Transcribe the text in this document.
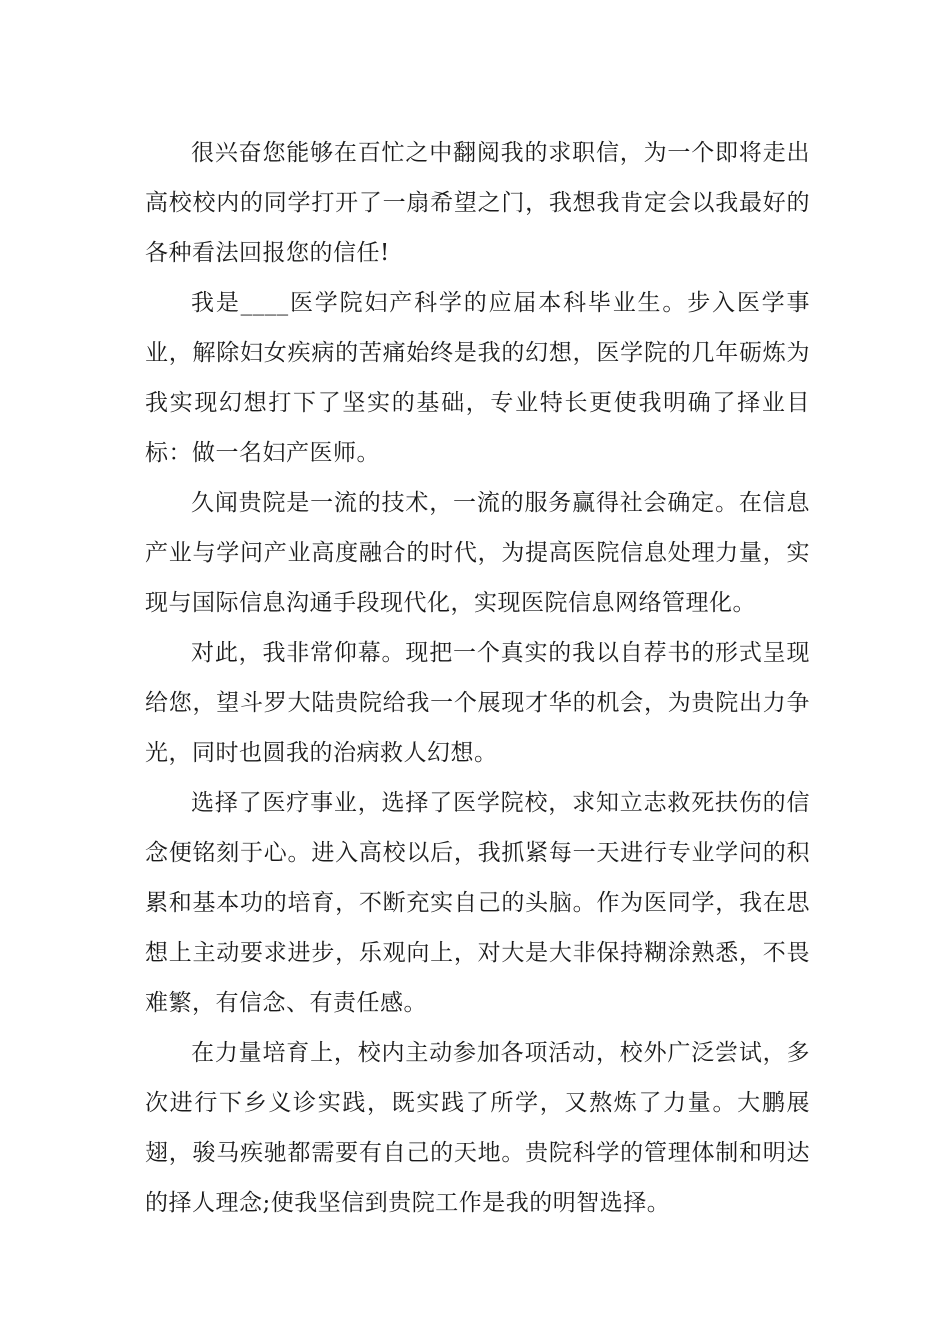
很兴奋您能够在百忙之中翻阅我的求职信，为一个即将走出高校校内的同学打开了一扇希望之门，我想我肯定会以我最好的各种看法回报您的信任!

我是____医学院妇产科学的应届本科毕业生。步入医学事业，解除妇女疾病的苦痛始终是我的幻想，医学院的几年砺炼为我实现幻想打下了坚实的基础，专业特长更使我明确了择业目标：做一名妇产医师。

久闻贵院是一流的技术，一流的服务赢得社会确定。在信息产业与学问产业高度融合的时代，为提高医院信息处理力量，实现与国际信息沟通手段现代化，实现医院信息网络管理化。

对此，我非常仰幕。现把一个真实的我以自荐书的形式呈现给您，望斗罗大陆贵院给我一个展现才华的机会，为贵院出力争光，同时也圆我的治病救人幻想。

选择了医疗事业，选择了医学院校，求知立志救死扶伤的信念便铭刻于心。进入高校以后，我抓紧每一天进行专业学问的积累和基本功的培育，不断充实自己的头脑。作为医同学，我在思想上主动要求进步，乐观向上，对大是大非保持糊涂熟悉，不畏难繁，有信念、有责任感。

在力量培育上，校内主动参加各项活动，校外广泛尝试，多次进行下乡义诊实践，既实践了所学，又熬炼了力量。大鹏展翅，骏马疾驰都需要有自己的天地。贵院科学的管理体制和明达的择人理念;使我坚信到贵院工作是我的明智选择。
